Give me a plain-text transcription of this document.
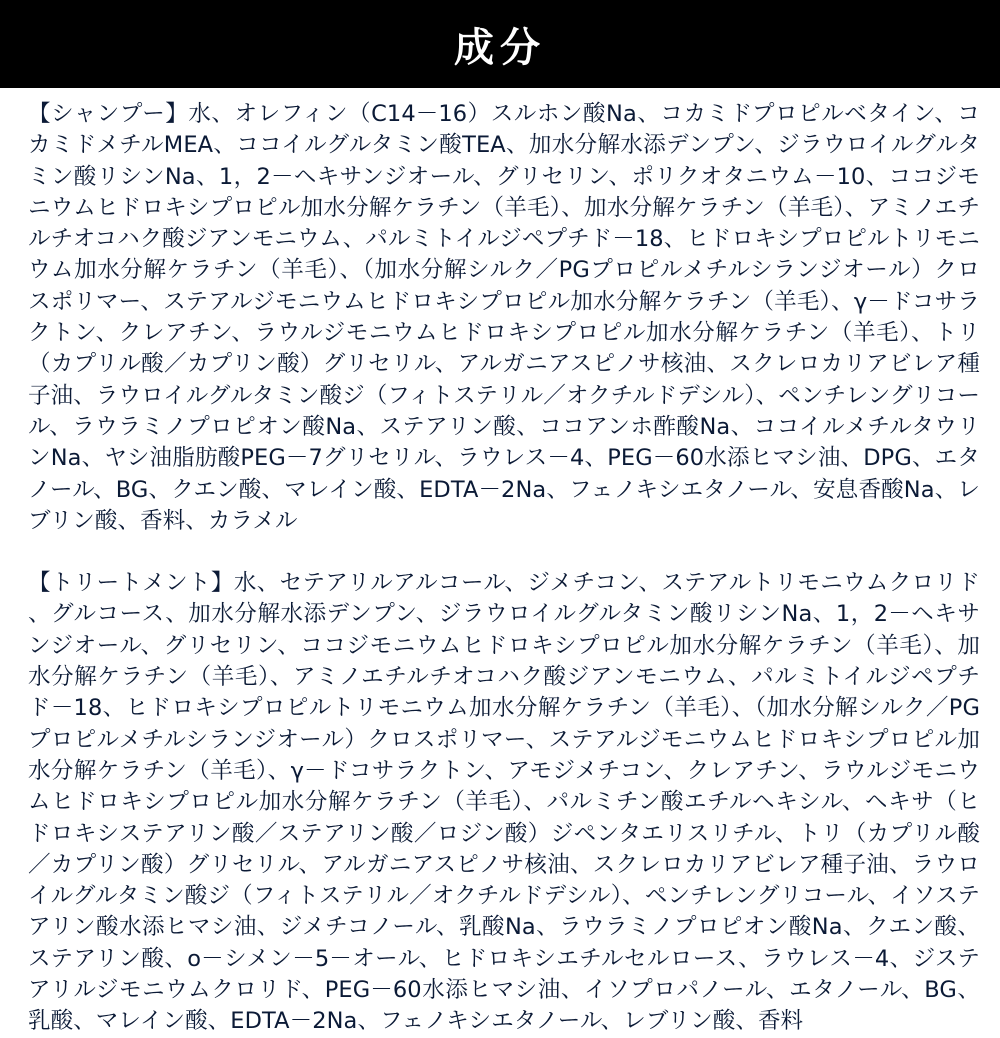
成分

【シャンプー】水、オレフィン（C14－16）スルホン酸Na、コカミドプロピルベタイン、コカミドメチルMEA、ココイルグルタミン酸TEA、加水分解水添デンプン、ジラウロイルグルタミン酸リシンNa、1，2－ヘキサンジオール、グリセリン、ポリクオタニウム－10、ココジモニウムヒドロキシプロピル加水分解ケラチン（羊毛）、加水分解ケラチン（羊毛）、アミノエチルチオコハク酸ジアンモニウム、パルミトイルジペプチド－18、ヒドロキシプロピルトリモニウム加水分解ケラチン（羊毛）、（加水分解シルク／PGプロピルメチルシランジオール）クロスポリマー、ステアルジモニウムヒドロキシプロピル加水分解ケラチン（羊毛）、γ－ドコサラクトン、クレアチン、ラウルジモニウムヒドロキシプロピル加水分解ケラチン（羊毛）、トリ（カプリル酸／カプリン酸）グリセリル、アルガニアスピノサ核油、スクレロカリアビレア種子油、ラウロイルグルタミン酸ジ（フィトステリル／オクチルドデシル）、ペンチレングリコール、ラウラミノプロピオン酸Na、ステアリン酸、ココアンホ酢酸Na、ココイルメチルタウリンNa、ヤシ油脂肪酸PEG－7グリセリル、ラウレス－4、PEG－60水添ヒマシ油、DPG、エタノール、BG、クエン酸、マレイン酸、EDTA－2Na、フェノキシエタノール、安息香酸Na、レブリン酸、香料、カラメル

【トリートメント】水、セテアリルアルコール、ジメチコン、ステアルトリモニウムクロリド、グルコース、加水分解水添デンプン、ジラウロイルグルタミン酸リシンNa、1，2－ヘキサンジオール、グリセリン、ココジモニウムヒドロキシプロピル加水分解ケラチン（羊毛）、加水分解ケラチン（羊毛）、アミノエチルチオコハク酸ジアンモニウム、パルミトイルジペプチド－18、ヒドロキシプロピルトリモニウム加水分解ケラチン（羊毛）、（加水分解シルク／PGプロピルメチルシランジオール）クロスポリマー、ステアルジモニウムヒドロキシプロピル加水分解ケラチン（羊毛）、γ－ドコサラクトン、アモジメチコン、クレアチン、ラウルジモニウムヒドロキシプロピル加水分解ケラチン（羊毛）、パルミチン酸エチルヘキシル、ヘキサ（ヒドロキシステアリン酸／ステアリン酸／ロジン酸）ジペンタエリスリチル、トリ（カプリル酸／カプリン酸）グリセリル、アルガニアスピノサ核油、スクレロカリアビレア種子油、ラウロイルグルタミン酸ジ（フィトステリル／オクチルドデシル）、ペンチレングリコール、イソステアリン酸水添ヒマシ油、ジメチコノール、乳酸Na、ラウラミノプロピオン酸Na、クエン酸、ステアリン酸、o－シメン－5－オール、ヒドロキシエチルセルロース、ラウレス－4、ジステアリルジモニウムクロリド、PEG－60水添ヒマシ油、イソプロパノール、エタノール、BG、乳酸、マレイン酸、EDTA－2Na、フェノキシエタノール、レブリン酸、香料
